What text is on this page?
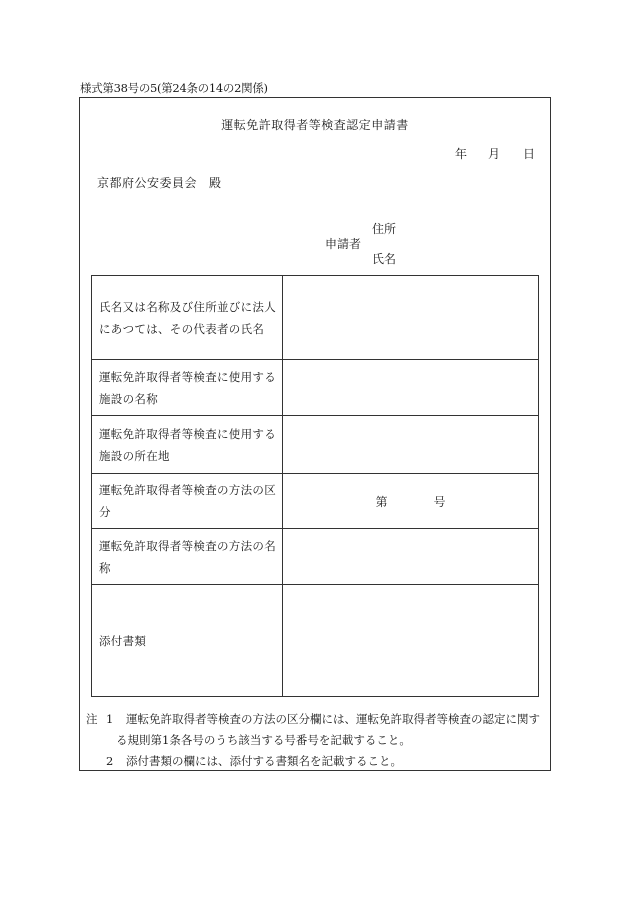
様式第38号の5(第24条の14の2関係)
運転免許取得者等検査認定申請書
年 月 日
京都府公安委員会 殿
申請者
住所
氏名
氏名又は名称及び住所並びに法人にあつては、その代表者の氏名	
運転免許取得者等検査に使用する施設の名称	
運転免許取得者等検査に使用する施設の所在地	
運転免許取得者等検査の方法の区分	第 号
運転免許取得者等検査の方法の名称	
添付書類	
注 1	運転免許取得者等検査の方法の区分欄には、運転免許取得者等検査の認定に関す
る規則第1条各号のうち該当する号番号を記載すること。
2	添付書類の欄には、添付する書類名を記載すること。
